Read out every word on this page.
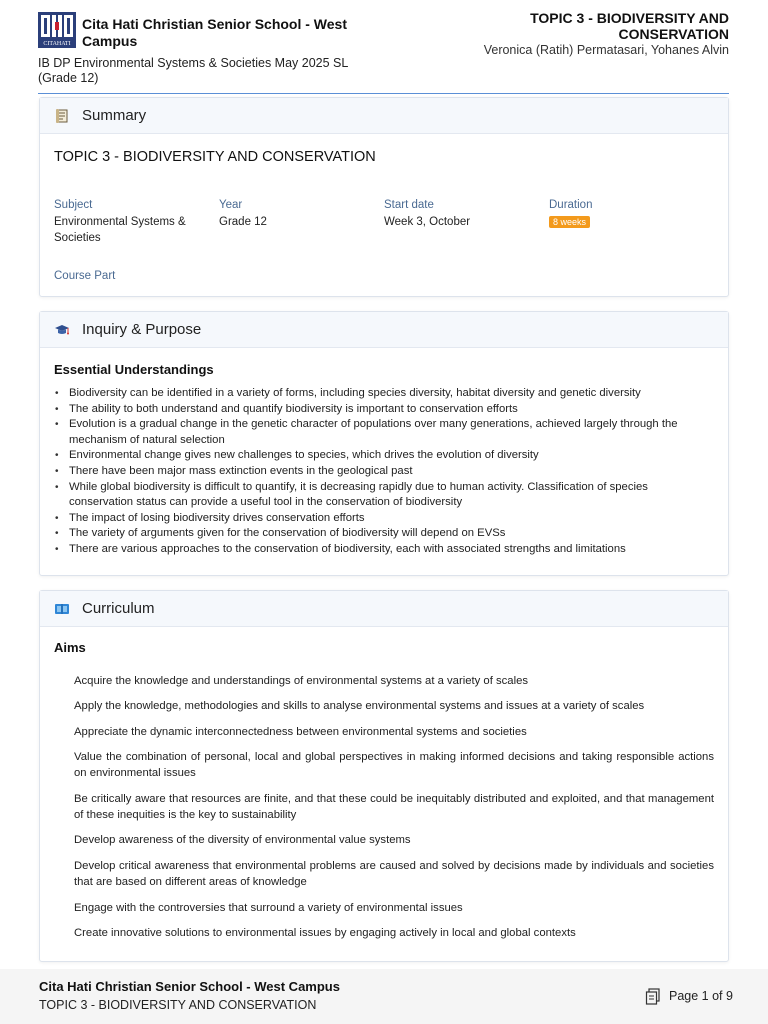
CITAHATI
Cita Hati Christian Senior School - West Campus
IB DP Environmental Systems & Societies May 2025 SL (Grade 12)
TOPIC 3 - BIODIVERSITY AND CONSERVATION
Veronica (Ratih) Permatasari, Yohanes Alvin
Summary
TOPIC 3 - BIODIVERSITY AND CONSERVATION
Subject
Environmental Systems & Societies
Year
Grade 12
Start date
Week 3, October
Duration
8 weeks
Course Part
Inquiry & Purpose
Essential Understandings
• Biodiversity can be identified in a variety of forms, including species diversity, habitat diversity and genetic diversity
• The ability to both understand and quantify biodiversity is important to conservation efforts
• Evolution is a gradual change in the genetic character of populations over many generations, achieved largely through the mechanism of natural selection
• Environmental change gives new challenges to species, which drives the evolution of diversity
• There have been major mass extinction events in the geological past
• While global biodiversity is difficult to quantify, it is decreasing rapidly due to human activity. Classification of species conservation status can provide a useful tool in the conservation of biodiversity
• The impact of losing biodiversity drives conservation efforts
• The variety of arguments given for the conservation of biodiversity will depend on EVSs
• There are various approaches to the conservation of biodiversity, each with associated strengths and limitations
Curriculum
Aims
Acquire the knowledge and understandings of environmental systems at a variety of scales
Apply the knowledge, methodologies and skills to analyse environmental systems and issues at a variety of scales
Appreciate the dynamic interconnectedness between environmental systems and societies
Value the combination of personal, local and global perspectives in making informed decisions and taking responsible actions on environmental issues
Be critically aware that resources are finite, and that these could be inequitably distributed and exploited, and that management of these inequities is the key to sustainability
Develop awareness of the diversity of environmental value systems
Develop critical awareness that environmental problems are caused and solved by decisions made by individuals and societies that are based on different areas of knowledge
Engage with the controversies that surround a variety of environmental issues
Create innovative solutions to environmental issues by engaging actively in local and global contexts
Cita Hati Christian Senior School - West Campus
TOPIC 3 - BIODIVERSITY AND CONSERVATION
Page 1 of 9
